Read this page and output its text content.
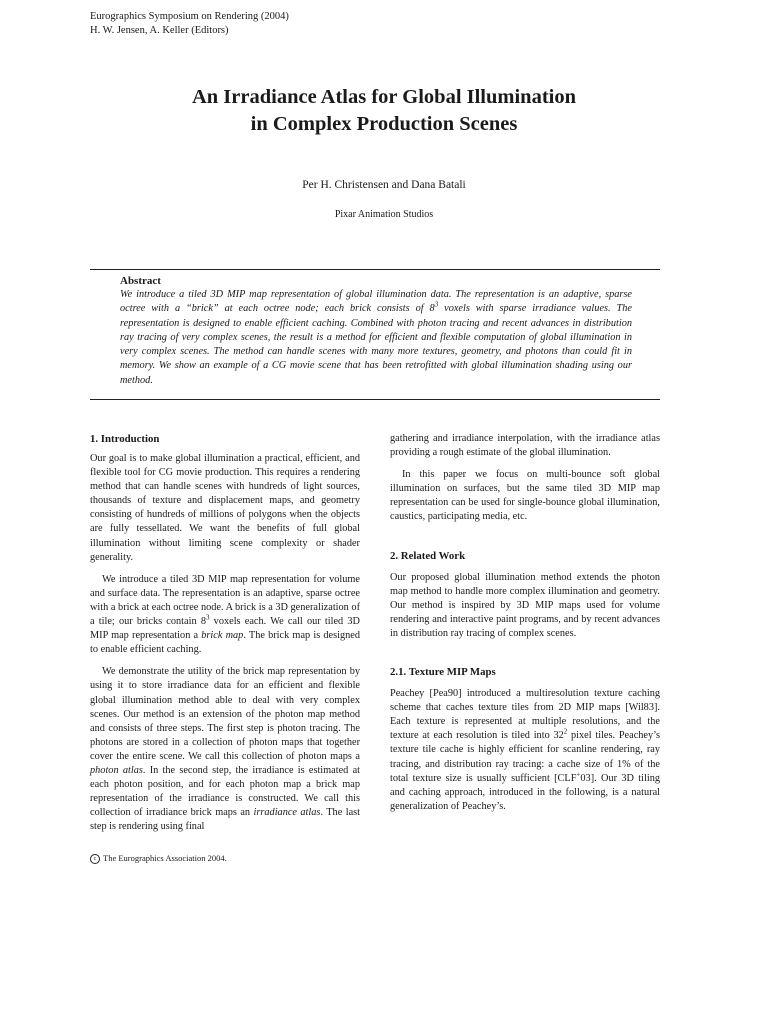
Eurographics Symposium on Rendering (2004)
H. W. Jensen, A. Keller (Editors)
An Irradiance Atlas for Global Illumination
in Complex Production Scenes
Per H. Christensen and Dana Batali
Pixar Animation Studios
Abstract
We introduce a tiled 3D MIP map representation of global illumination data. The representation is an adaptive, sparse octree with a “brick” at each octree node; each brick consists of $8^3$ voxels with sparse irradiance values. The representation is designed to enable efficient caching. Combined with photon tracing and recent advances in distribution ray tracing of very complex scenes, the result is a method for efficient and flexible computation of global illumination in very complex scenes. The method can handle scenes with many more textures, geometry, and photons than could fit in memory. We show an example of a CG movie scene that has been retrofitted with global illumination shading using our method.
1. Introduction

Our goal is to make global illumination a practical, efficient, and flexible tool for CG movie production. This requires a rendering method that can handle scenes with hundreds of light sources, thousands of texture and displacement maps, and geometry consisting of hundreds of millions of polygons when the objects are fully tessellated. We want the benefits of full global illumination without limiting scene complexity or shader generality.

We introduce a tiled 3D MIP map representation for volume and surface data. The representation is an adaptive, sparse octree with a brick at each octree node. A brick is a 3D generalization of a tile; our bricks contain $8^3$ voxels each. We call our tiled 3D MIP map representation a brick map. The brick map is designed to enable efficient caching.

We demonstrate the utility of the brick map representation by using it to store irradiance data for an efficient and flexible global illumination method able to deal with very complex scenes. Our method is an extension of the photon map method and consists of three steps. The first step is photon tracing. The photons are stored in a collection of photon maps that together cover the entire scene. We call this collection of photon maps a photon atlas. In the second step, the irradiance is estimated at each photon position, and for each photon map a brick map representation of the irradiance is constructed. We call this collection of irradiance brick maps an irradiance atlas. The last step is rendering using final

gathering and irradiance interpolation, with the irradiance atlas providing a rough estimate of the global illumination.

In this paper we focus on multi-bounce soft global illumination on surfaces, but the same tiled 3D MIP map representation can be used for single-bounce global illumination, caustics, participating media, etc.

2. Related Work

Our proposed global illumination method extends the photon map method to handle more complex illumination and geometry. Our method is inspired by 3D MIP maps used for volume rendering and interactive paint programs, and by recent advances in distribution ray tracing of complex scenes.

2.1. Texture MIP Maps

Peachey [Pea90] introduced a multiresolution texture caching scheme that caches texture tiles from 2D MIP maps [Wil83]. Each texture is represented at multiple resolutions, and the texture at each resolution is tiled into $32^2$ pixel tiles. Peachey’s texture tile cache is highly efficient for scanline rendering, ray tracing, and distribution ray tracing: a cache size of 1% of the total texture size is usually sufficient [CLF+03]. Our 3D tiling and caching approach, introduced in the following, is a natural generalization of Peachey’s.

c The Eurographics Association 2004.
